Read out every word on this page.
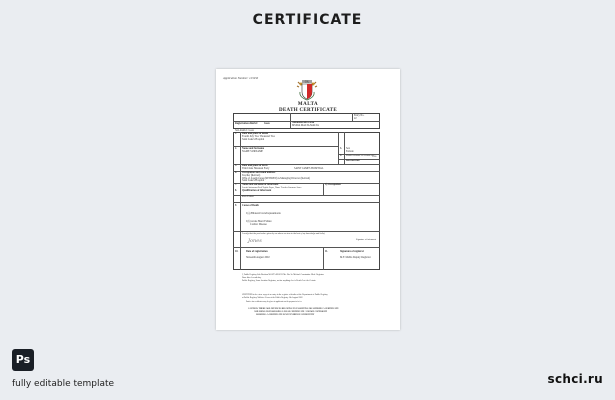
CERTIFICATE
Application Number: 123456
GIL
MALTA
DEATH CERTIFICATE
Entry No.
22
Registration district: Gozo	Administrative area
MSIDA MALTA MALTA
Sub-district: Gozo
1. Date and place of death
Fourth July Two Thousand Two
Saint Luke's Hospital
2. Name and Surname
NAME SURNAME
3. Sex
Female
4. Maiden surname of woman who
2340
has married
5. Date and place of birth
Third June Nineteen Forty	SAINT JAMES HOSPITAL
6. Occupation and usual address
Teacher (Retired)
Wife of Joseph Jones (RETIRED) A Managing Director (Retired)
Saint Luke's Hospital
7. Name and surname of informant
Lawful informant Paul Tophic Paper, Name Teacher Surname Jones
b) Occupation
8. Qualification of informant
Pres Father
9. Cause of Death
I (a) Bilateral bronchopneumonia
I (b) Acute Heart Failure
Cardiac Disease
I certify that the particulars given by me above are true to the best of my knowledge and belief
Jones	Signature of informant
10.	Date of registration
Sixteenth August 2002
11.	Signature of registrar
M.F. Mallia Deputy Registrar
I, Public Registry Sub Division MALTA MALTA Mr. Dir. Sr. Michael Constantine Blvd. Registrar
Done this eleventh day
Public Registry, Some location Registrar, not far anything else is Death Cert. the Certain
CERTIFIED to be a true copy of an entry in the register of deaths of the Department of Public Registry
at Public Registry Valletta. Given at the Public Registry 5th August 2002
Entries for certificates may be given to applicants on the payment of a fee
CAUTION: THERE ARE OFFENCES RELATING TO FALSIFYING OR ALTERING A CERTIFICATE
AND USING OR POSSESSING A FALSE CERTIFICATE ©CROWN COPYRIGHT
WARNING: A CERTIFICATE IS NOT EVIDENCE OF IDENTITY
Ps
fully editable template	schci.ru
